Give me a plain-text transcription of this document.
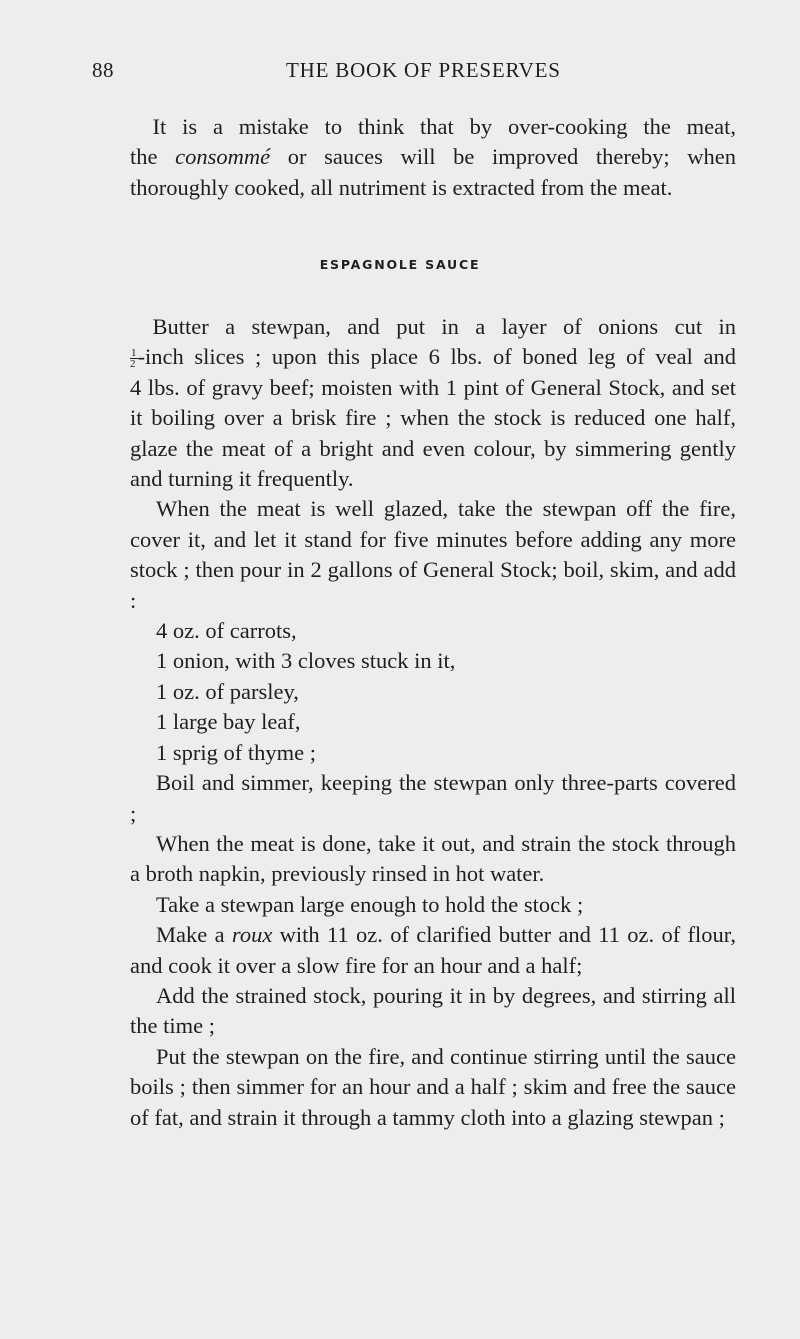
88	THE BOOK OF PRESERVES

 It is a mistake to think that by over-cooking the meat,

the consommé or sauces will be improved thereby; when

thoroughly cooked, all nutriment is extracted from the meat.

ESPAGNOLE SAUCE

 Butter a stewpan, and put in a layer of onions cut in

$\frac{1}{2}$ -inch slices ; upon this place 6 lbs. of boned leg of veal and

4 lbs. of gravy beef; moisten with 1 pint of General Stock, and set it boiling over a brisk fire ; when the stock is reduced one half, glaze the meat of a bright and even colour, by simmering gently and turning it frequently.

When the meat is well glazed, take the stewpan off the fire, cover it, and let it stand for five minutes before adding any more stock ; then pour in 2 gallons of General Stock; boil, skim, and add :

4 oz. of carrots,
1 onion, with 3 cloves stuck in it,
1 oz. of parsley,
1 large bay leaf,
1 sprig of thyme ;

Boil and simmer, keeping the stewpan only three-parts covered ;

When the meat is done, take it out, and strain the stock through a broth napkin, previously rinsed in hot water.

Take a stewpan large enough to hold the stock ;

Make a roux with 11 oz. of clarified butter and 11 oz. of flour, and cook it over a slow fire for an hour and a half;

Add the strained stock, pouring it in by degrees, and stirring all the time ;

Put the stewpan on the fire, and continue stirring until the sauce boils ; then simmer for an hour and a half ; skim and free the sauce of fat, and strain it through a tammy cloth into a glazing stewpan ;
